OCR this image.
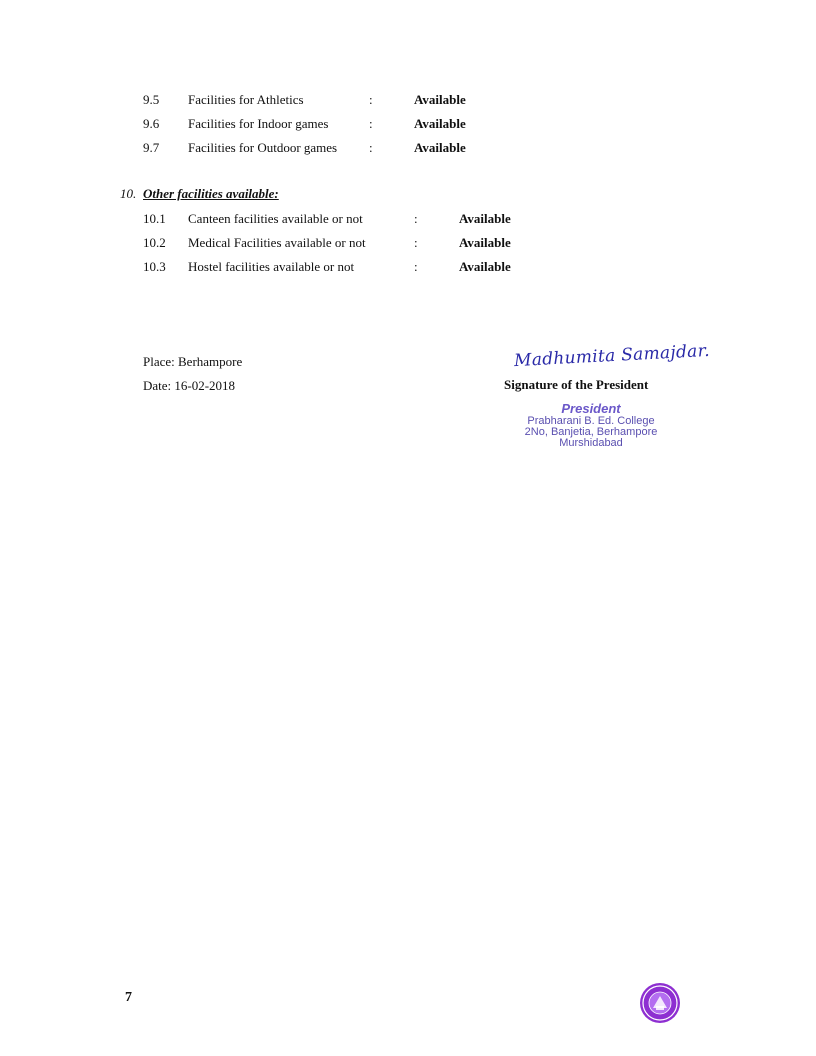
9.5 Facilities for Athletics	:	Available
9.6 Facilities for Indoor games	:	Available
9.7 Facilities for Outdoor games :	Available
10. Other facilities available:
10.1 Canteen facilities available or not	:	Available
10.2 Medical Facilities available or not	:	Available
10.3 Hostel facilities available or not	:	Available
Place: Berhampore
Date: 16-02-2018
Madhumita Samajdar.
Signature of the President
President
Prabharani B. Ed. College
2No, Banjetia, Berhampore
Murshidabad
7
